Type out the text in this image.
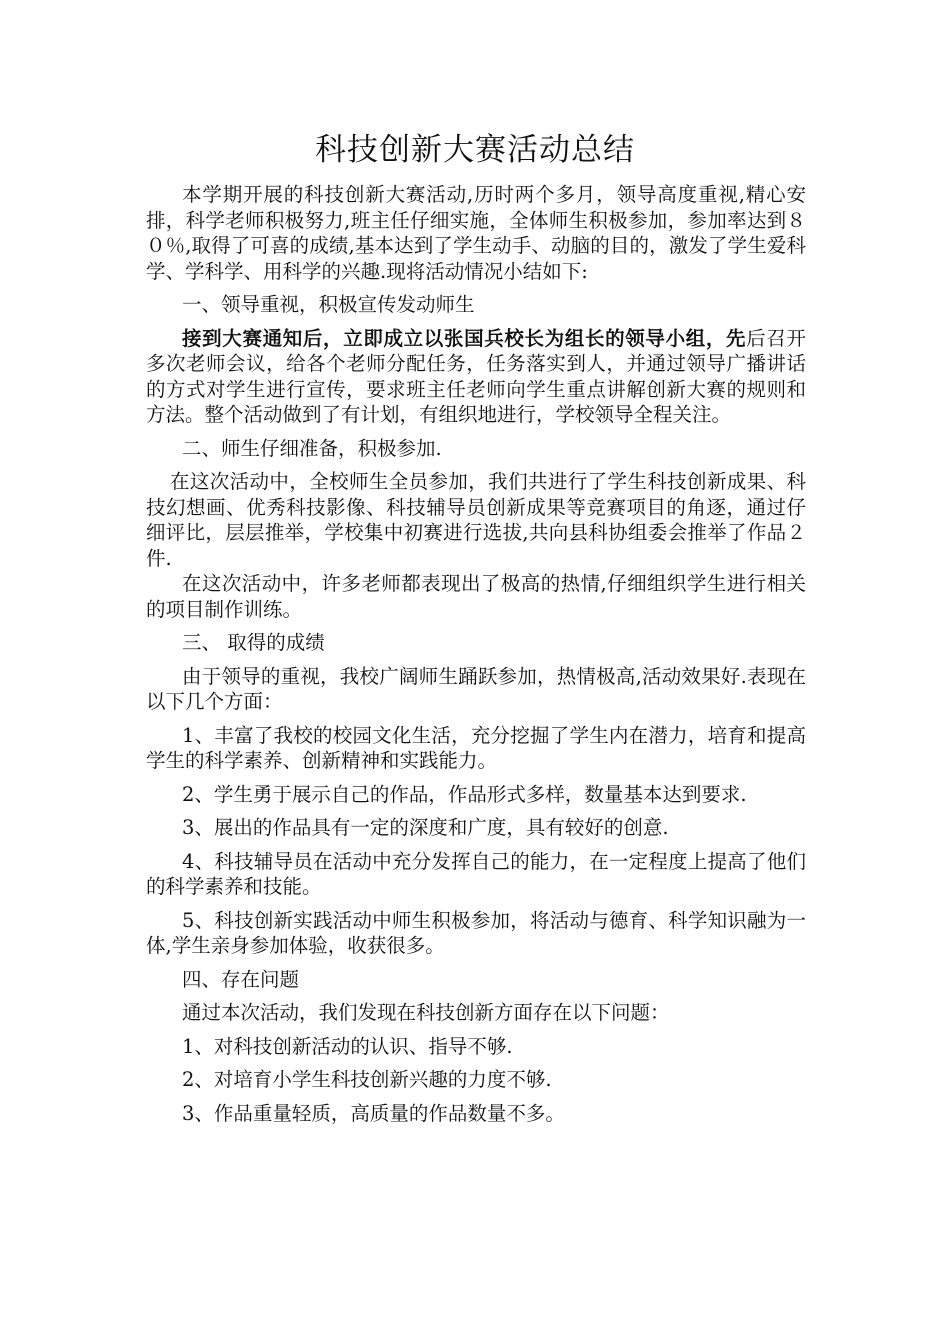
科技创新大赛活动总结

本学期开展的科技创新大赛活动,历时两个多月，领导高度重视,精心安排，科学老师积极努力,班主任仔细实施，全体师生积极参加，参加率达到８０％,取得了可喜的成绩,基本达到了学生动手、动脑的目的，激发了学生爱科学、学科学、用科学的兴趣.现将活动情况小结如下:

一、领导重视，积极宣传发动师生

接到大赛通知后，立即成立以张国兵校长为组长的领导小组，先后召开多次老师会议，给各个老师分配任务，任务落实到人，并通过领导广播讲话的方式对学生进行宣传，要求班主任老师向学生重点讲解创新大赛的规则和方法。整个活动做到了有计划，有组织地进行，学校领导全程关注。

二、师生仔细准备，积极参加.

在这次活动中，全校师生全员参加，我们共进行了学生科技创新成果、科技幻想画、优秀科技影像、科技辅导员创新成果等竞赛项目的角逐，通过仔细评比，层层推举，学校集中初赛进行选拔,共向县科协组委会推举了作品２件.

在这次活动中，许多老师都表现出了极高的热情,仔细组织学生进行相关的项目制作训练。

三、 取得的成绩

由于领导的重视，我校广阔师生踊跃参加，热情极高,活动效果好.表现在以下几个方面：

1、丰富了我校的校园文化生活，充分挖掘了学生内在潜力，培育和提高学生的科学素养、创新精神和实践能力。

2、学生勇于展示自己的作品，作品形式多样，数量基本达到要求.

3、展出的作品具有一定的深度和广度，具有较好的创意.

4、科技辅导员在活动中充分发挥自己的能力，在一定程度上提高了他们的科学素养和技能。

5、科技创新实践活动中师生积极参加，将活动与德育、科学知识融为一体,学生亲身参加体验，收获很多。

四、存在问题

通过本次活动，我们发现在科技创新方面存在以下问题：

1、对科技创新活动的认识、指导不够.

2、对培育小学生科技创新兴趣的力度不够.

3、作品重量轻质，高质量的作品数量不多。
